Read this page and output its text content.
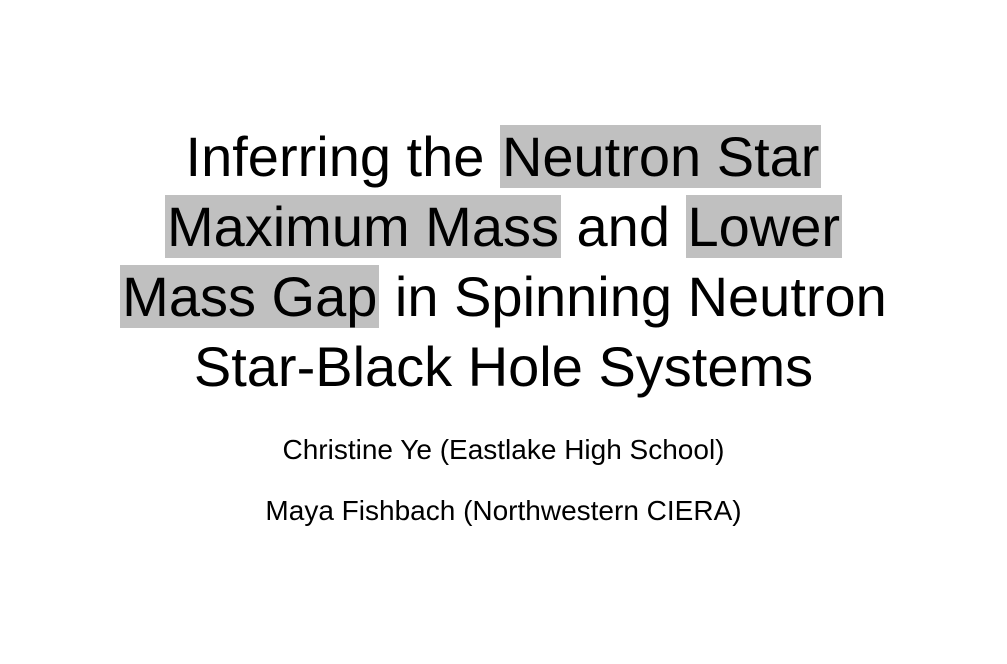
Inferring the Neutron Star
Maximum Mass and Lower
Mass Gap in Spinning Neutron
Star-Black Hole Systems
Christine Ye (Eastlake High School)
Maya Fishbach (Northwestern CIERA)
